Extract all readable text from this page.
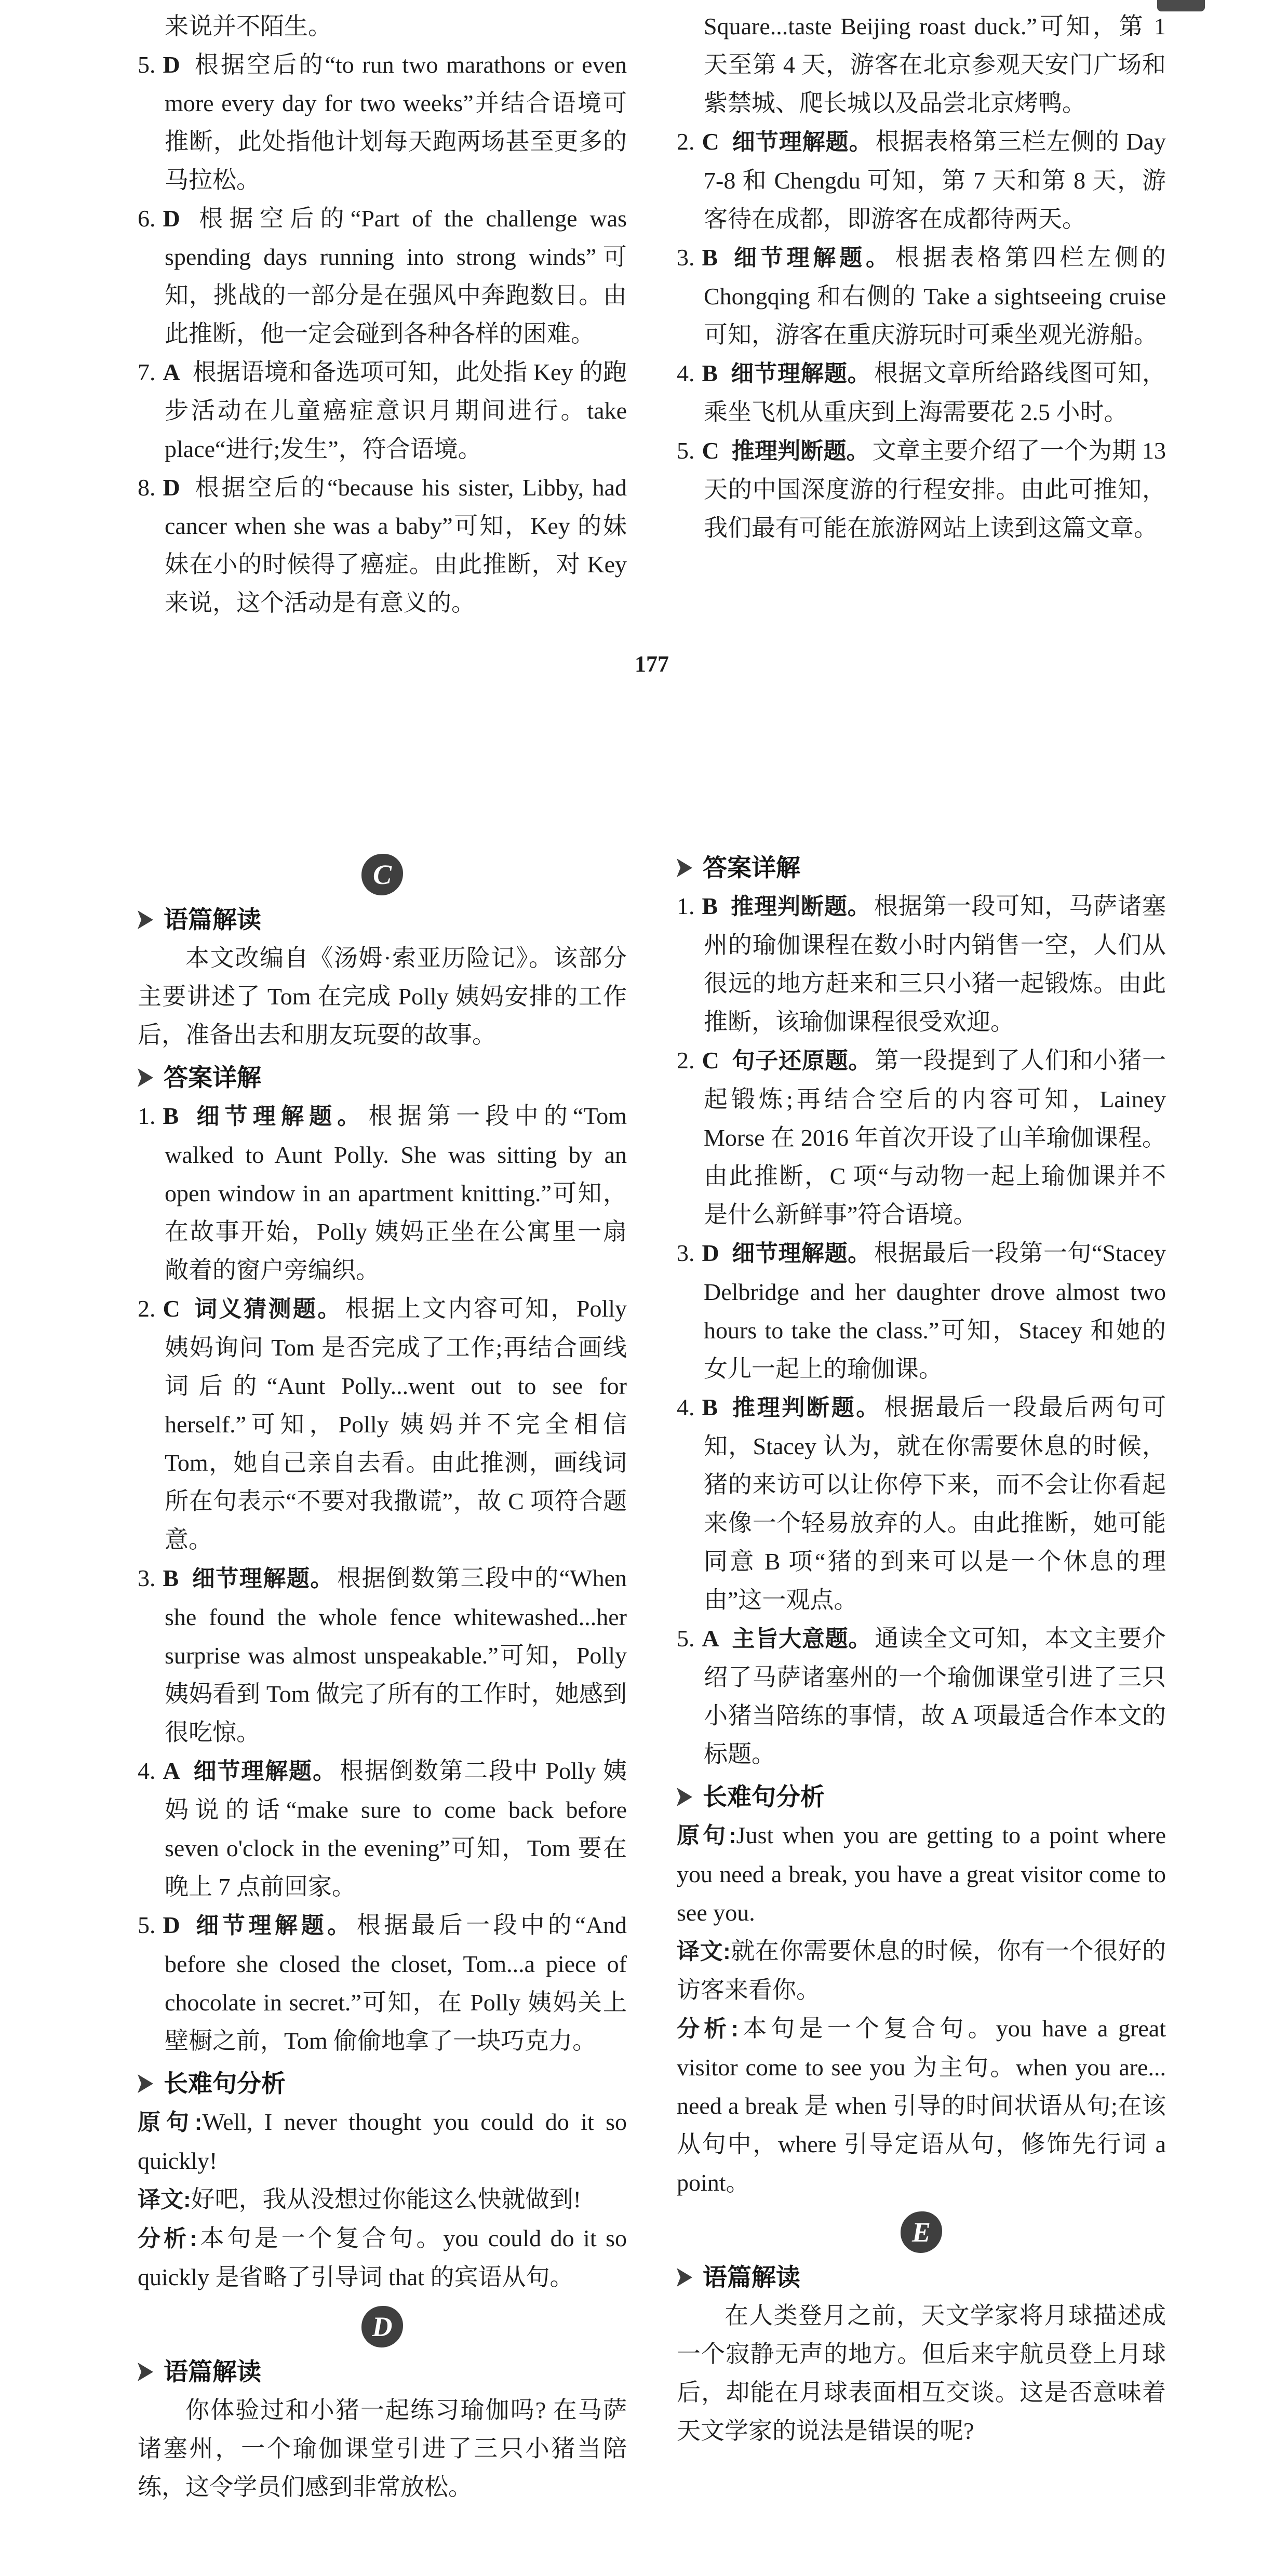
来说并不陌生。
5. D 根据空后的“to run two marathons or even more every day for two weeks”并结合语境可推断，此处指他计划每天跑两场甚至更多的马拉松。
6. D 根据空后的“Part of the challenge was spending days running into strong winds”可知，挑战的一部分是在强风中奔跑数日。由此推断，他一定会碰到各种各样的困难。
7. A 根据语境和备选项可知，此处指 Key 的跑步活动在儿童癌症意识月期间进行。take place“进行;发生”，符合语境。
8. D 根据空后的“because his sister, Libby, had cancer when she was a baby”可知，Key 的妹妹在小的时候得了癌症。由此推断，对 Key 来说，这个活动是有意义的。
Square...taste Beijing roast duck.”可知，第 1 天至第 4 天，游客在北京参观天安门广场和紫禁城、爬长城以及品尝北京烤鸭。
2. C 细节理解题。 根据表格第三栏左侧的 Day 7-8 和 Chengdu 可知，第 7 天和第 8 天，游客待在成都，即游客在成都待两天。
3. B 细节理解题。 根据表格第四栏左侧的 Chongqing 和右侧的 Take a sightseeing cruise 可知，游客在重庆游玩时可乘坐观光游船。
4. B 细节理解题。 根据文章所给路线图可知，乘坐飞机从重庆到上海需要花 2.5 小时。
5. C 推理判断题。 文章主要介绍了一个为期 13 天的中国深度游的行程安排。由此可推知，我们最有可能在旅游网站上读到这篇文章。
177
C
语篇解读
本文改编自《汤姆·索亚历险记》。该部分主要讲述了 Tom 在完成 Polly 姨妈安排的工作后，准备出去和朋友玩耍的故事。
答案详解
1. B 细节理解题。 根据第一段中的“Tom walked to Aunt Polly. She was sitting by an open window in an apartment knitting.”可知，在故事开始，Polly 姨妈正坐在公寓里一扇敞着的窗户旁编织。
2. C 词义猜测题。 根据上文内容可知，Polly 姨妈询问 Tom 是否完成了工作;再结合画线词后的“Aunt Polly...went out to see for herself.”可知，Polly 姨妈并不完全相信 Tom，她自己亲自去看。由此推测，画线词所在句表示“不要对我撒谎”，故 C 项符合题意。
3. B 细节理解题。 根据倒数第三段中的“When she found the whole fence whitewashed...her surprise was almost unspeakable.”可知，Polly 姨妈看到 Tom 做完了所有的工作时，她感到很吃惊。
4. A 细节理解题。 根据倒数第二段中 Polly 姨妈说的话“make sure to come back before seven o'clock in the evening”可知，Tom 要在晚上 7 点前回家。
5. D 细节理解题。 根据最后一段中的“And before she closed the closet, Tom...a piece of chocolate in secret.”可知，在 Polly 姨妈关上壁橱之前，Tom 偷偷地拿了一块巧克力。
长难句分析
原句:Well, I never thought you could do it so quickly!
译文:好吧，我从没想过你能这么快就做到!
分析:本句是一个复合句。you could do it so quickly 是省略了引导词 that 的宾语从句。
D
语篇解读
你体验过和小猪一起练习瑜伽吗? 在马萨诸塞州，一个瑜伽课堂引进了三只小猪当陪练，这令学员们感到非常放松。
答案详解
1. B 推理判断题。 根据第一段可知，马萨诸塞州的瑜伽课程在数小时内销售一空，人们从很远的地方赶来和三只小猪一起锻炼。由此推断，该瑜伽课程很受欢迎。
2. C 句子还原题。 第一段提到了人们和小猪一起锻炼;再结合空后的内容可知，Lainey Morse 在 2016 年首次开设了山羊瑜伽课程。由此推断，C 项“与动物一起上瑜伽课并不是什么新鲜事”符合语境。
3. D 细节理解题。 根据最后一段第一句“Stacey Delbridge and her daughter drove almost two hours to take the class.”可知，Stacey 和她的女儿一起上的瑜伽课。
4. B 推理判断题。 根据最后一段最后两句可知，Stacey 认为，就在你需要休息的时候，猪的来访可以让你停下来，而不会让你看起来像一个轻易放弃的人。由此推断，她可能同意 B 项“猪的到来可以是一个休息的理由”这一观点。
5. A 主旨大意题。 通读全文可知，本文主要介绍了马萨诸塞州的一个瑜伽课堂引进了三只小猪当陪练的事情，故 A 项最适合作本文的标题。
长难句分析
原句:Just when you are getting to a point where you need a break, you have a great visitor come to see you.
译文:就在你需要休息的时候，你有一个很好的访客来看你。
分析:本句是一个复合句。you have a great visitor come to see you 为主句。when you are... need a break 是 when 引导的时间状语从句;在该从句中，where 引导定语从句，修饰先行词 a point。
E
语篇解读
在人类登月之前，天文学家将月球描述成一个寂静无声的地方。但后来宇航员登上月球后，却能在月球表面相互交谈。这是否意味着天文学家的说法是错误的呢?
